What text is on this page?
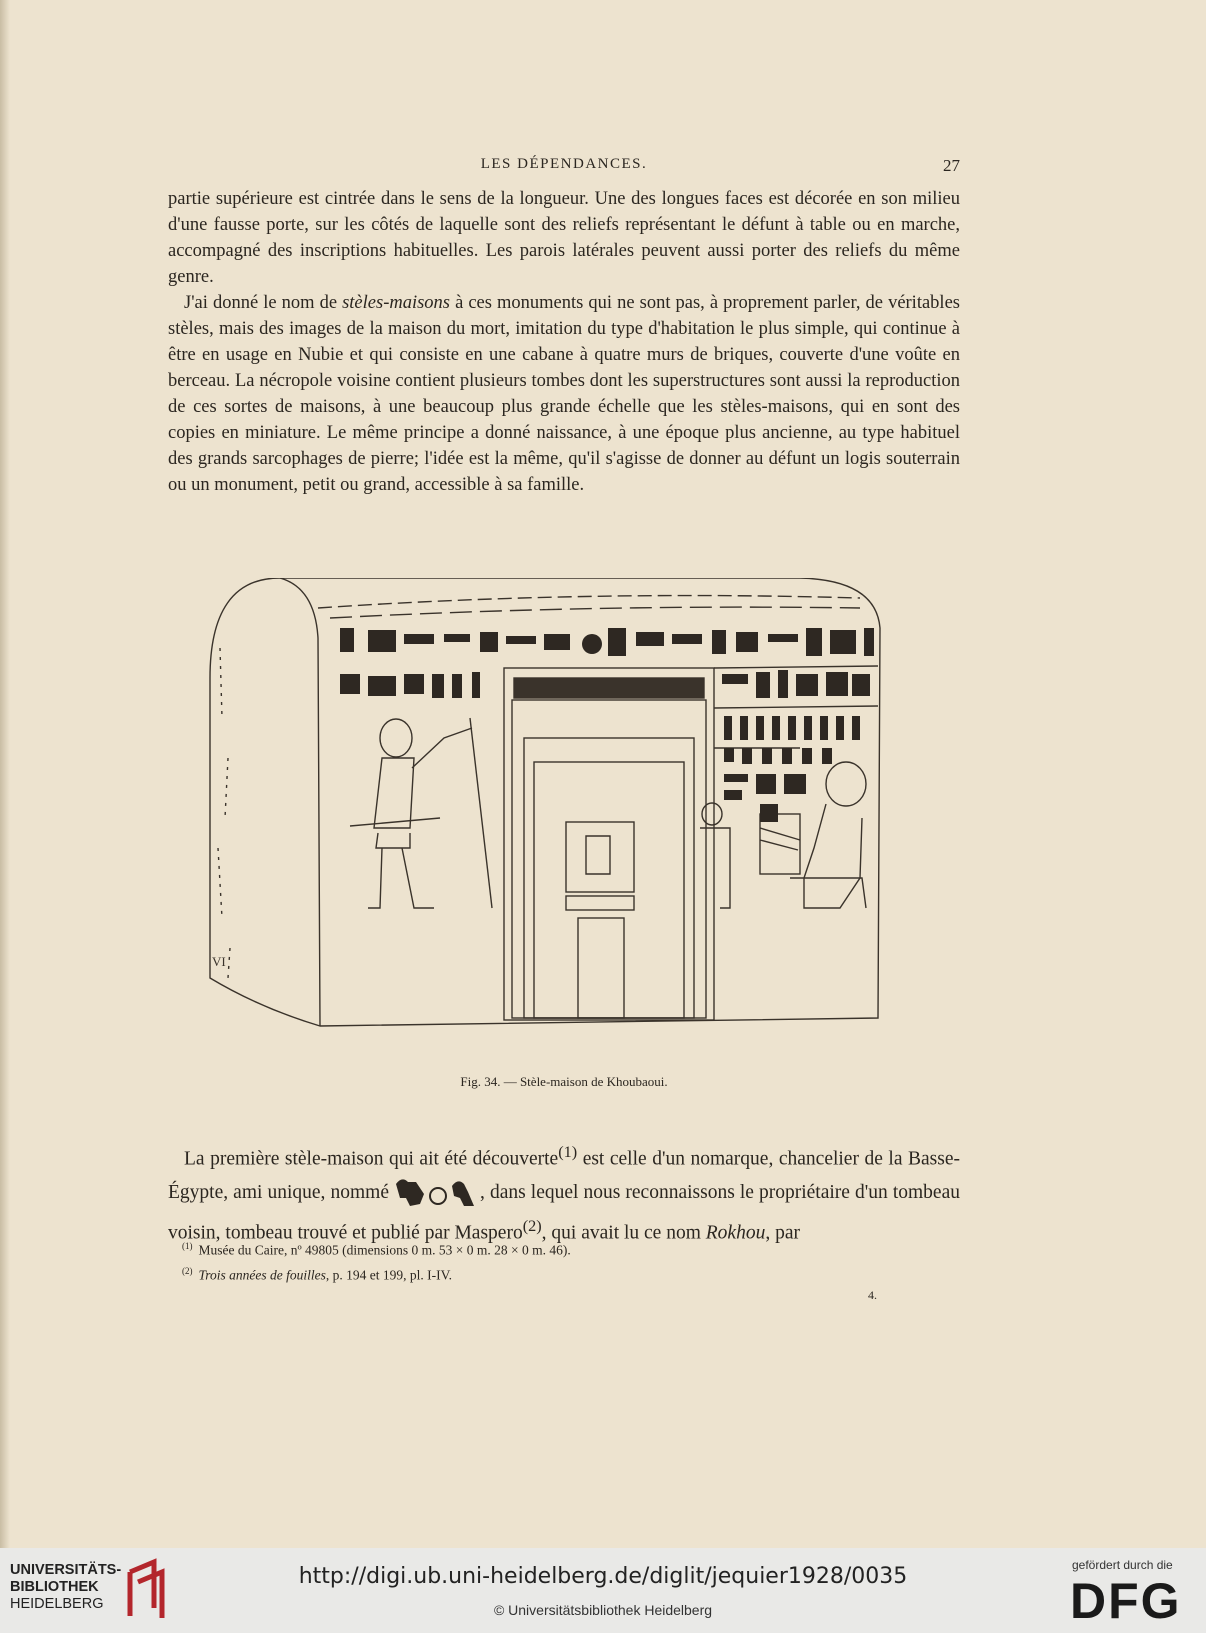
LES DÉPENDANCES.	27

partie supérieure est cintrée dans le sens de la longueur. Une des longues faces est décorée en son milieu d'une fausse porte, sur les côtés de laquelle sont des reliefs représentant le défunt à table ou en marche, accompagné des inscriptions habituelles. Les parois latérales peuvent aussi porter des reliefs du même genre.

J'ai donné le nom de stèles-maisons à ces monuments qui ne sont pas, à proprement parler, de véritables stèles, mais des images de la maison du mort, imitation du type d'habitation le plus simple, qui continue à être en usage en Nubie et qui consiste en une cabane à quatre murs de briques, couverte d'une voûte en berceau. La nécropole voisine contient plusieurs tombes dont les superstructures sont aussi la reproduction de ces sortes de maisons, à une beaucoup plus grande échelle que les stèles-maisons, qui en sont des copies en miniature. Le même principe a donné naissance, à une époque plus ancienne, au type habituel des grands sarcophages de pierre; l'idée est la même, qu'il s'agisse de donner au défunt un logis souterrain ou un monument, petit ou grand, accessible à sa famille.

VI
Fig. 34. — Stèle-maison de Khoubaoui.

La première stèle-maison qui ait été découverte$^{(1)}$ est celle d'un nomarque, chancelier de la Basse-Égypte, ami unique, nommé	, dans lequel nous reconnaissons le propriétaire d'un tombeau voisin, tombeau trouvé et publié par Maspero$^{(2)}$, qui avait lu ce nom Rokhou, par

$^{(1)}$ Musée du Caire, nº 49805 (dimensions 0 m. 53 × 0 m. 28 × 0 m. 46).
$^{(2)}$ Trois années de fouilles, p. 194 et 199, pl. I-IV.
4.
UNIVERSITÄTS-
BIBLIOTHEK
HEIDELBERG
http://digi.ub.uni-heidelberg.de/diglit/jequier1928/0035
© Universitätsbibliothek Heidelberg
gefördert durch die
DFG
